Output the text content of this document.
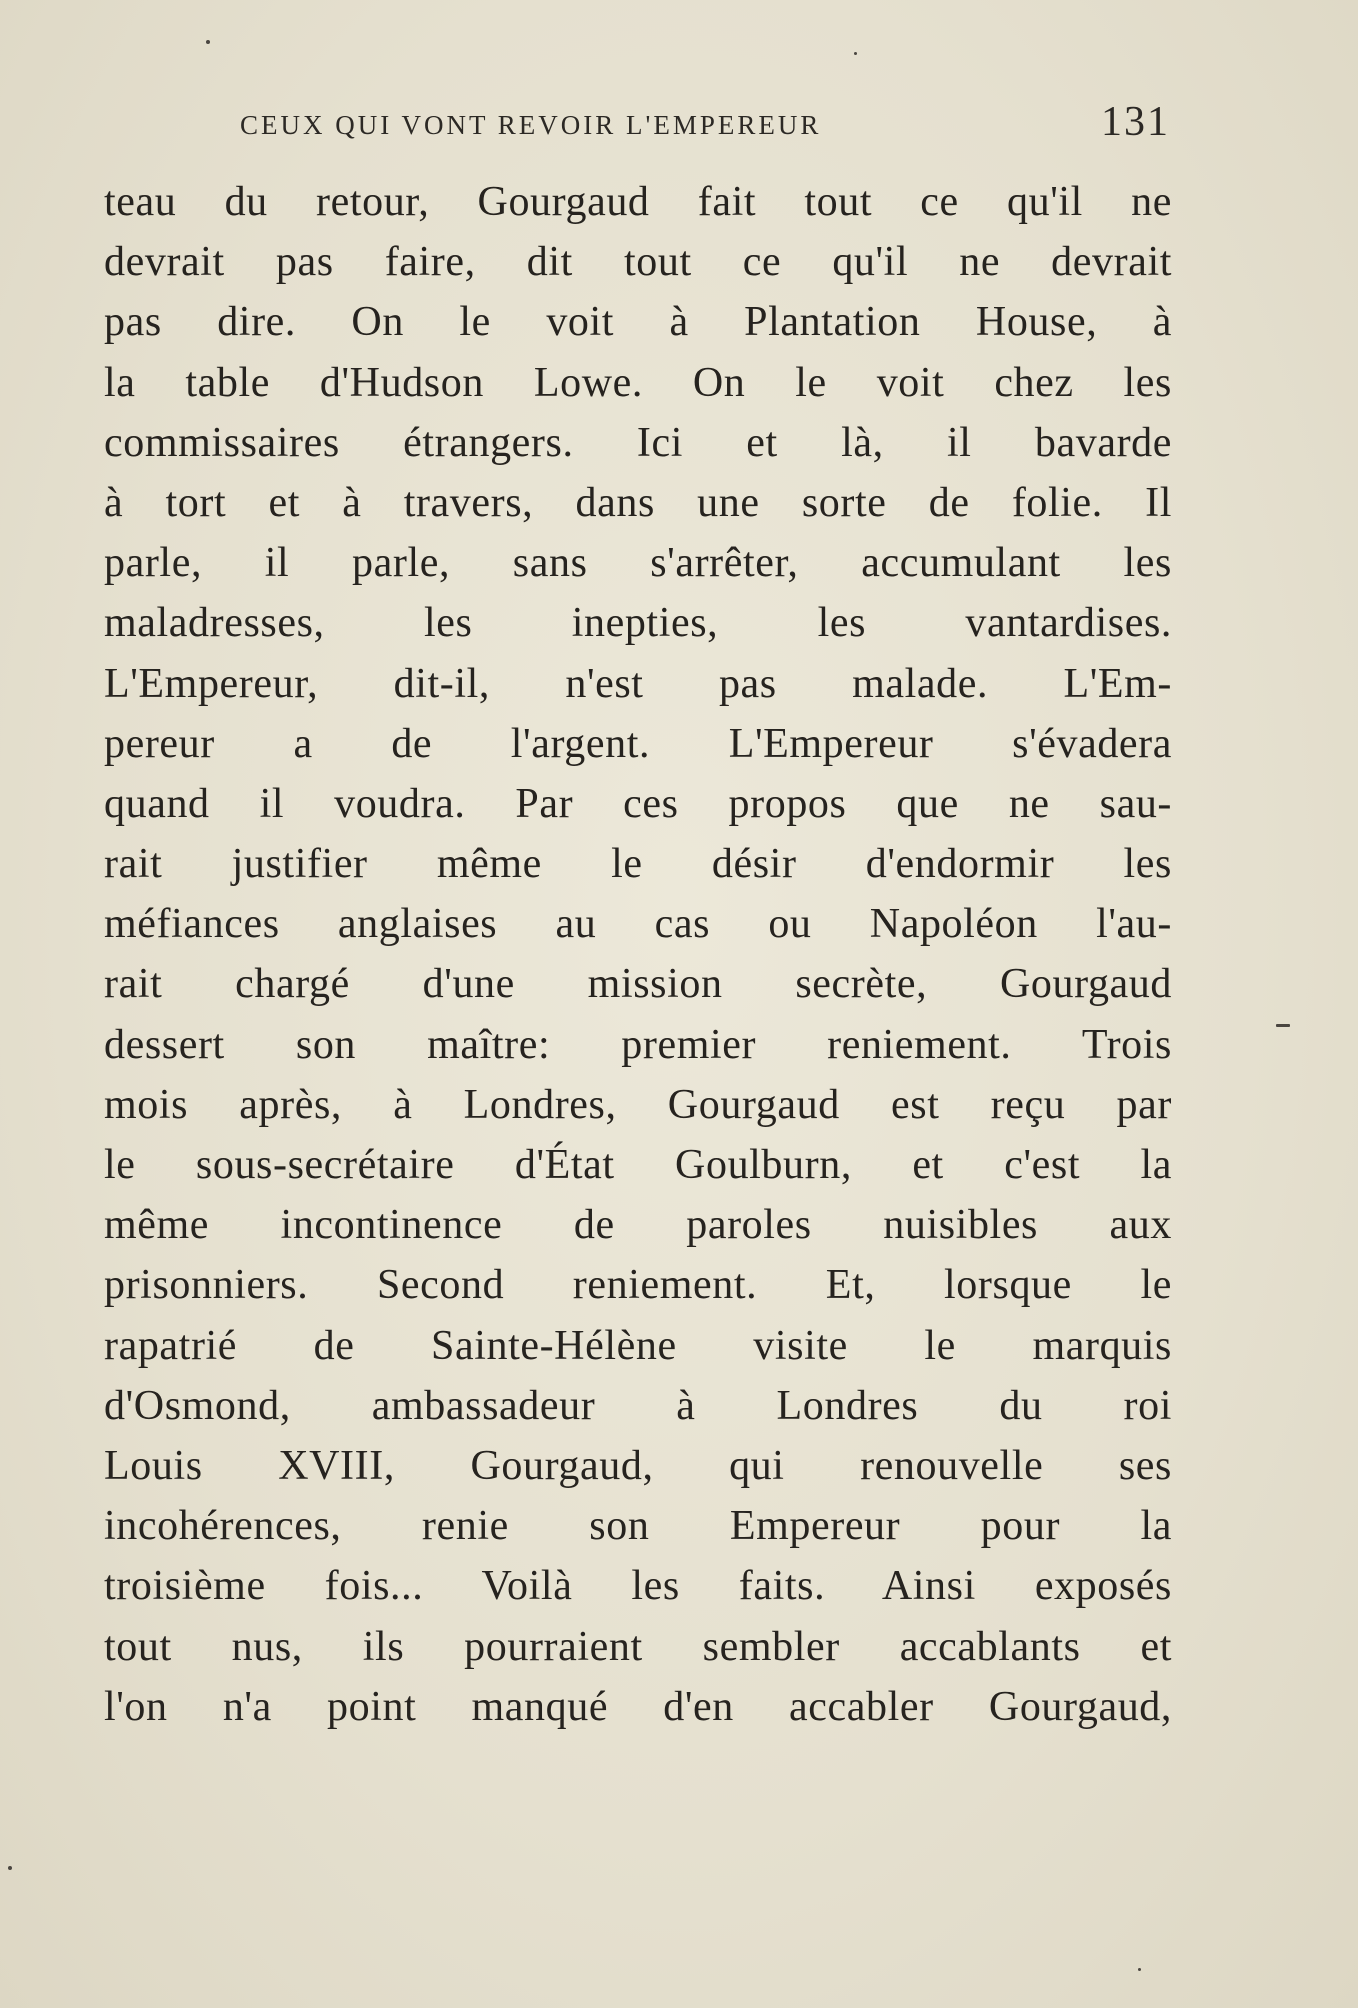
CEUX QUI VONT REVOIR L'EMPEREUR	131
teau du retour, Gourgaud fait tout ce qu'il ne
devrait pas faire, dit tout ce qu'il ne devrait
pas dire. On le voit à Plantation House, à
la table d'Hudson Lowe. On le voit chez les
commissaires étrangers. Ici et là, il bavarde
à tort et à travers, dans une sorte de folie. Il
parle, il parle, sans s'arrêter, accumulant les
maladresses, les inepties, les vantardises.
L'Empereur, dit-il, n'est pas malade. L'Em-
pereur a de l'argent. L'Empereur s'évadera
quand il voudra. Par ces propos que ne sau-
rait justifier même le désir d'endormir les
méfiances anglaises au cas ou Napoléon l'au-
rait chargé d'une mission secrète, Gourgaud
dessert son maître: premier reniement. Trois
mois après, à Londres, Gourgaud est reçu par
le sous-secrétaire d'État Goulburn, et c'est la
même incontinence de paroles nuisibles aux
prisonniers. Second reniement. Et, lorsque le
rapatrié de Sainte-Hélène visite le marquis
d'Osmond, ambassadeur à Londres du roi
Louis XVIII, Gourgaud, qui renouvelle ses
incohérences, renie son Empereur pour la
troisième fois... Voilà les faits. Ainsi exposés
tout nus, ils pourraient sembler accablants et
l'on n'a point manqué d'en accabler Gourgaud,
